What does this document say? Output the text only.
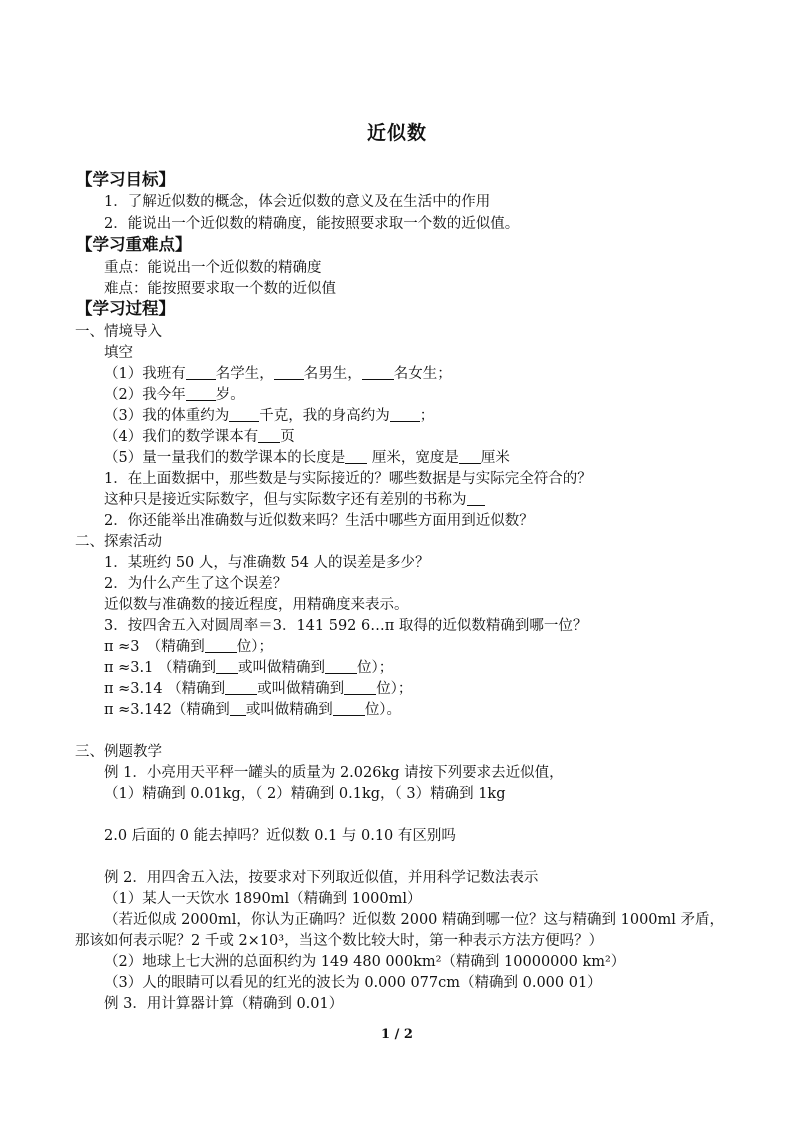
近似数
【学习目标】
1．了解近似数的概念，体会近似数的意义及在生活中的作用
2．能说出一个近似数的精确度，能按照要求取一个数的近似值。
【学习重难点】
重点：能说出一个近似数的精确度
难点：能按照要求取一个数的近似值
【学习过程】
一、情境导入
填空
（1）我班有 名学生， 名男生， 名女生；
（2）我今年 岁。
（3）我的体重约为 千克，我的身高约为 ；
（4）我们的数学课本有 页
（5）量一量我们的数学课本的长度是 厘米，宽度是 厘米
1．在上面数据中，那些数是与实际接近的？哪些数据是与实际完全符合的？
这种只是接近实际数字，但与实际数字还有差别的书称为
2．你还能举出准确数与近似数来吗？生活中哪些方面用到近似数？
二、探索活动
1．某班约 50 人，与准确数 54 人的误差是多少？
2．为什么产生了这个误差？
近似数与准确数的接近程度，用精确度来表示。
3．按四舍五入对圆周率＝3．141 592 6…π 取得的近似数精确到哪一位？
π ≈3　（精确到 位）；
π ≈3.1 （精确到 或叫做精确到 位）；
π ≈3.14 （精确到 或叫做精确到 位）；
π ≈3.142（精确到 或叫做精确到 位）。
三、例题教学
例 1．小亮用天平秤一罐头的质量为 2.026kg 请按下列要求去近似值，
（1）精确到 0.01kg，（ 2）精确到 0.1kg，（ 3）精确到 1kg
2.0 后面的 0 能去掉吗？近似数 0.1 与 0.10 有区别吗
例 2．用四舍五入法，按要求对下列取近似值，并用科学记数法表示
（1）某人一天饮水 1890ml（精确到 1000ml）
（若近似成 2000ml，你认为正确吗？近似数 2000 精确到哪一位？这与精确到 1000ml 矛盾，那该如何表示呢？2 千或 2×10³，当这个数比较大时，第一种表示方法方便吗？）
（2）地球上七大洲的总面积约为 149 480 000km²（精确到 10000000 km²）
（3）人的眼睛可以看见的红光的波长为 0.000 077cm（精确到 0.000 01）
例 3．用计算器计算（精确到 0.01）
1 / 2
